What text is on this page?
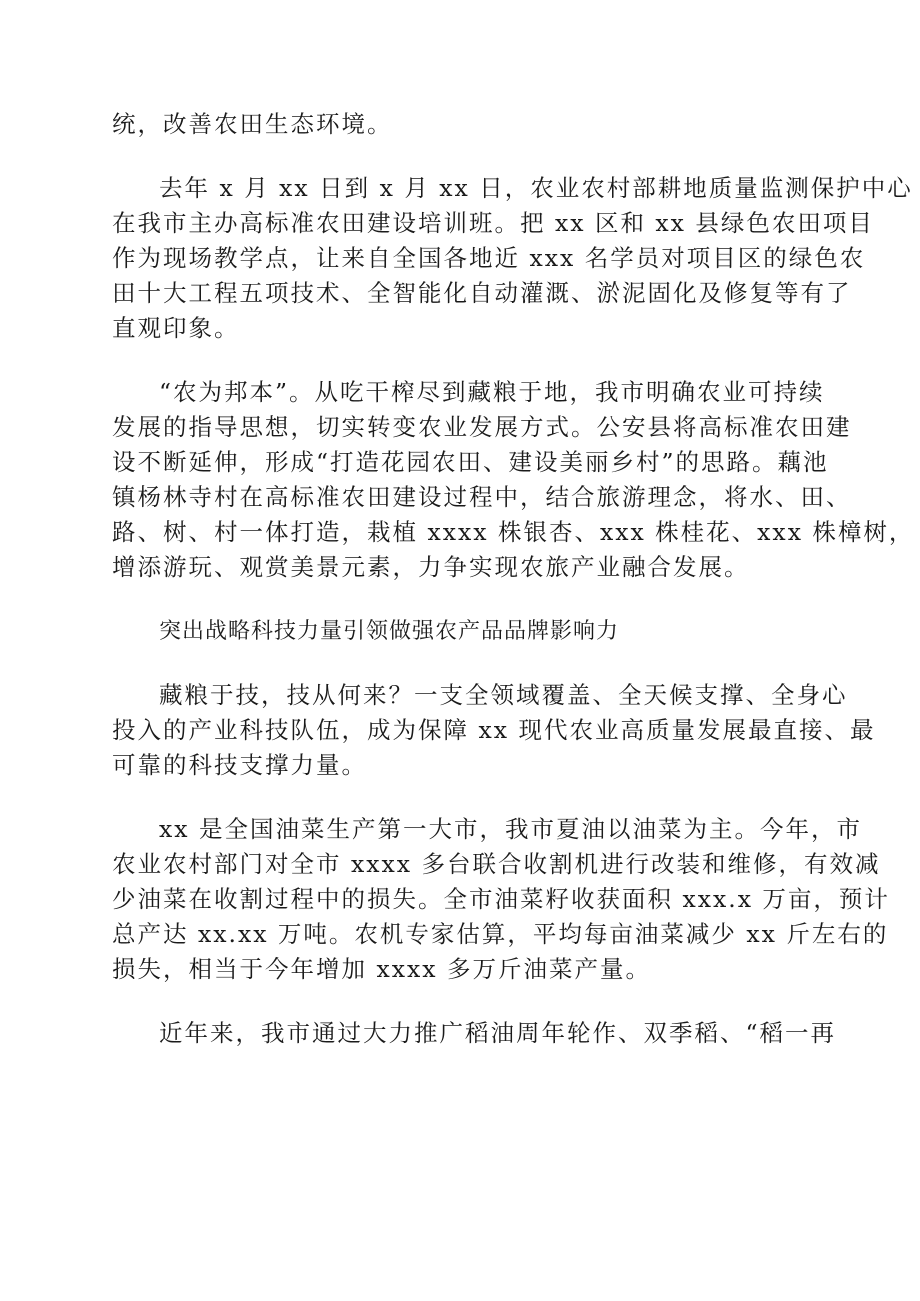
统，改善农田生态环境。
去年 x 月 xx 日到 x 月 xx 日，农业农村部耕地质量监测保护中心
在我市主办高标准农田建设培训班。把 xx 区和 xx 县绿色农田项目
作为现场教学点，让来自全国各地近 xxx 名学员对项目区的绿色农
田十大工程五项技术、全智能化自动灌溉、淤泥固化及修复等有了
直观印象。
“农为邦本”。从吃干榨尽到藏粮于地，我市明确农业可持续
发展的指导思想，切实转变农业发展方式。公安县将高标准农田建
设不断延伸，形成“打造花园农田、建设美丽乡村”的思路。藕池
镇杨林寺村在高标准农田建设过程中，结合旅游理念，将水、田、
路、树、村一体打造，栽植 xxxx 株银杏、xxx 株桂花、xxx 株樟树，
增添游玩、观赏美景元素，力争实现农旅产业融合发展。
突出战略科技力量引领做强农产品品牌影响力
藏粮于技，技从何来？一支全领域覆盖、全天候支撑、全身心
投入的产业科技队伍，成为保障 xx 现代农业高质量发展最直接、最
可靠的科技支撑力量。
xx 是全国油菜生产第一大市，我市夏油以油菜为主。今年，市
农业农村部门对全市 xxxx 多台联合收割机进行改装和维修，有效减
少油菜在收割过程中的损失。全市油菜籽收获面积 xxx.x 万亩，预计
总产达 xx.xx 万吨。农机专家估算，平均每亩油菜减少 xx 斤左右的
损失，相当于今年增加 xxxx 多万斤油菜产量。
近年来，我市通过大力推广稻油周年轮作、双季稻、“稻一再
